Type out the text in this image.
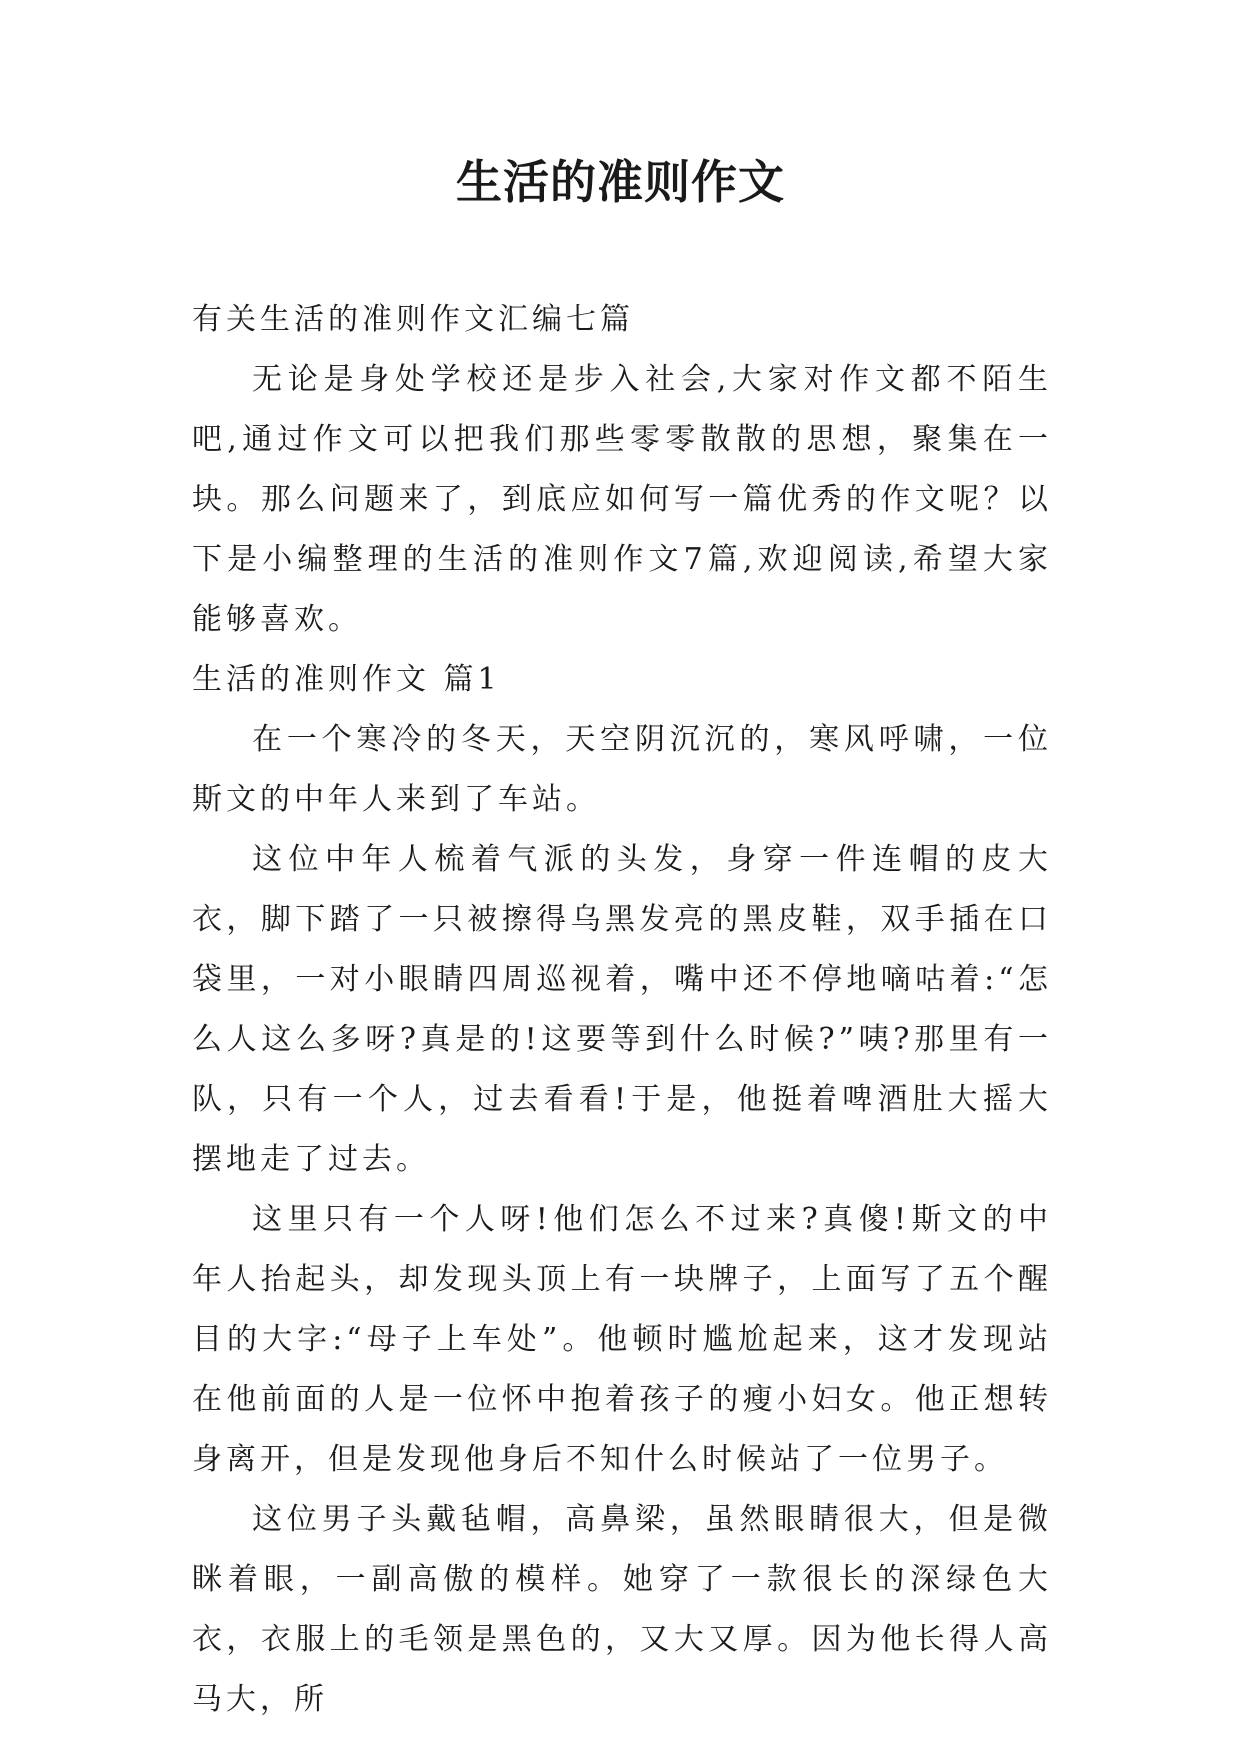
生活的准则作文

有关生活的准则作文汇编七篇

无论是身处学校还是步入社会,大家对作文都不陌生吧,通过作文可以把我们那些零零散散的思想，聚集在一块。那么问题来了，到底应如何写一篇优秀的作文呢？以下是小编整理的生活的准则作文7篇,欢迎阅读,希望大家能够喜欢。

生活的准则作文 篇1

在一个寒冷的冬天，天空阴沉沉的，寒风呼啸，一位斯文的中年人来到了车站。

这位中年人梳着气派的头发，身穿一件连帽的皮大衣，脚下踏了一只被擦得乌黑发亮的黑皮鞋，双手插在口袋里，一对小眼睛四周巡视着，嘴中还不停地嘀咕着:“怎么人这么多呀?真是的!这要等到什么时候?”咦?那里有一队，只有一个人，过去看看!于是，他挺着啤酒肚大摇大摆地走了过去。

这里只有一个人呀!他们怎么不过来?真傻!斯文的中年人抬起头，却发现头顶上有一块牌子，上面写了五个醒目的大字:“母子上车处”。他顿时尴尬起来，这才发现站在他前面的人是一位怀中抱着孩子的瘦小妇女。他正想转身离开，但是发现他身后不知什么时候站了一位男子。

这位男子头戴毡帽，高鼻梁，虽然眼睛很大，但是微眯着眼，一副高傲的模样。她穿了一款很长的深绿色大衣，衣服上的毛领是黑色的，又大又厚。因为他长得人高马大，所
